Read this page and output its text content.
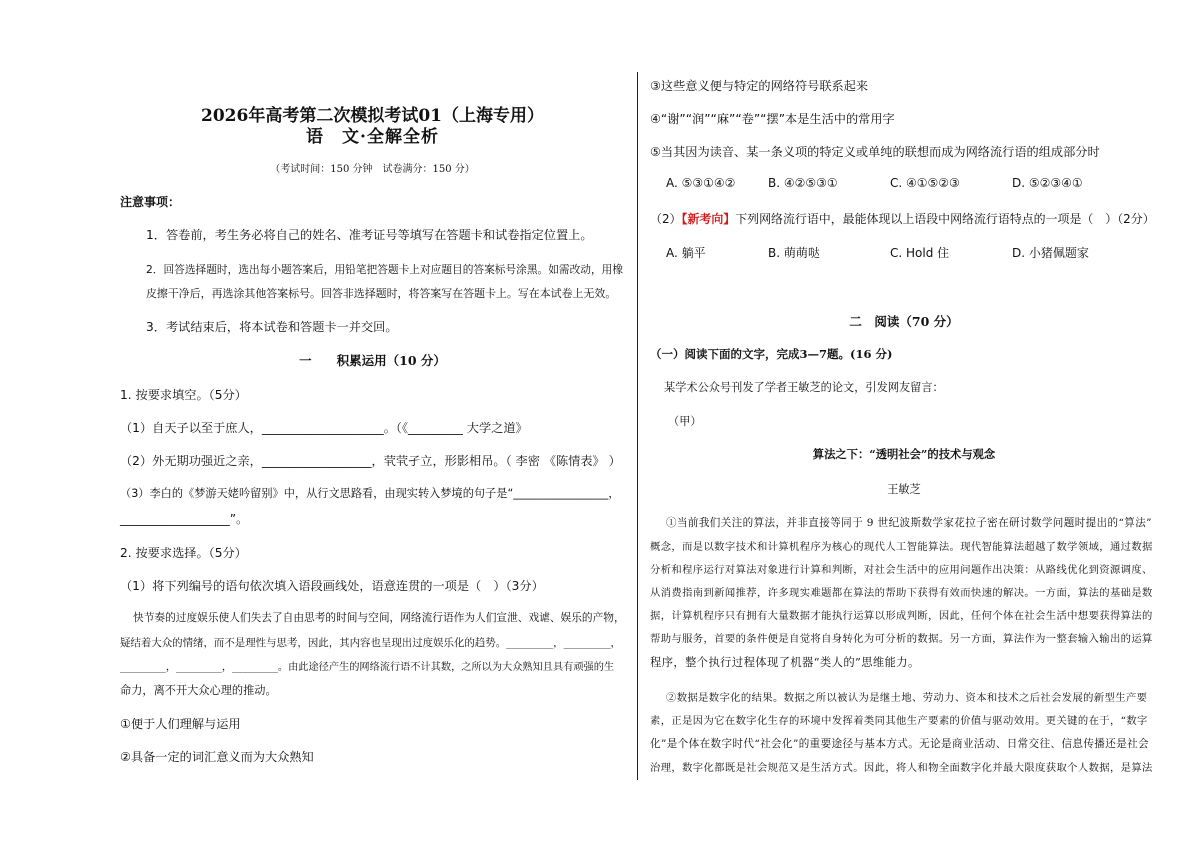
2026年高考第二次模拟考试01（上海专用）
语　文·全解全析
（考试时间：150 分钟　试卷满分：150 分）
注意事项：
1．答卷前，考生务必将自己的姓名、准考证号等填写在答题卡和试卷指定位置上。
2．回答选择题时，选出每小题答案后，用铅笔把答题卡上对应题目的答案标号涂黑。如需改动，用橡
皮擦干净后，再选涂其他答案标号。回答非选择题时，将答案写在答题卡上。写在本试卷上无效。
3．考试结束后，将本试卷和答题卡一并交回。
一　　积累运用（10 分）
1. 按要求填空。（5分）
（1）自天子以至于庶人，____________________。（《_________ 大学之道》
（2）外无期功强近之亲，__________________，茕茕孑立，形影相吊。（ 李密 《陈情表》 ）
（3）李白的《梦游天姥吟留别》中，从行文思路看，由现实转入梦境的句子是“_________________，
__________________”。
2. 按要求选择。（5分）
（1）将下列编号的语句依次填入语段画线处，语意连贯的一项是（　）（3分）
快节奏的过度娱乐使人们失去了自由思考的时间与空间，网络流行语作为人们宣泄、戏谑、娱乐的产物，
疑结着大众的情绪，而不是理性与思考，因此，其内容也呈现出过度娱乐化的趋势。_________，_________，
_________，_________，_________。由此途径产生的网络流行语不计其数，之所以为大众熟知且具有顽强的生
命力，离不开大众心理的推动。
①便于人们理解与运用
②具备一定的词汇意义而为大众熟知
③这些意义便与特定的网络符号联系起来
④“谢”“润”“麻”“卷”“摆”本是生活中的常用字
⑤当其因为读音、某一条义项的特定义或单纯的联想而成为网络流行语的组成部分时
A. ⑤③①④②	B. ④②⑤③①	C. ④①⑤②③	D. ⑤②③④①
（2）【新考向】下列网络流行语中，最能体现以上语段中网络流行语特点的一项是（　）（2分）
A. 躺平	B. 萌萌哒	C. Hold 住	D. 小猪佩题家
二　阅读（70 分）
（一）阅读下面的文字，完成3—7题。(16 分)
某学术公众号刊发了学者王敏芝的论文，引发网友留言：
（甲）
算法之下：“透明社会”的技术与观念
王敏芝
①当前我们关注的算法，并非直接等同于 9 世纪波斯数学家花拉子密在研讨数学问题时提出的“算法”
概念，而是以数字技术和计算机程序为核心的现代人工智能算法。现代智能算法超越了数学领域，通过数据
分析和程序运行对算法对象进行计算和判断，对社会生活中的应用问题作出决策：从路线优化到资源调度、
从消费指南到新闻推荐，许多现实难题都在算法的帮助下获得有效而快速的解决。一方面，算法的基础是数
据，计算机程序只有拥有大量数据才能执行运算以形成判断，因此，任何个体在社会生活中想要获得算法的
帮助与服务，首要的条件便是自觉将自身转化为可分析的数据。另一方面，算法作为一整套输入输出的运算
程序，整个执行过程体现了机器“类人的”思维能力。
②数据是数字化的结果。数据之所以被认为是继土地、劳动力、资本和技术之后社会发展的新型生产要
素，正是因为它在数字化生存的环境中发挥着类同其他生产要素的价值与驱动效用。更关键的在于，“数字
化”是个体在数字时代“社会化”的重要途径与基本方式。无论是商业活动、日常交往、信息传播还是社会
治理，数字化都既是社会规范又是生活方式。因此，将人和物全面数字化并最大限度获取个人数据，是算法
